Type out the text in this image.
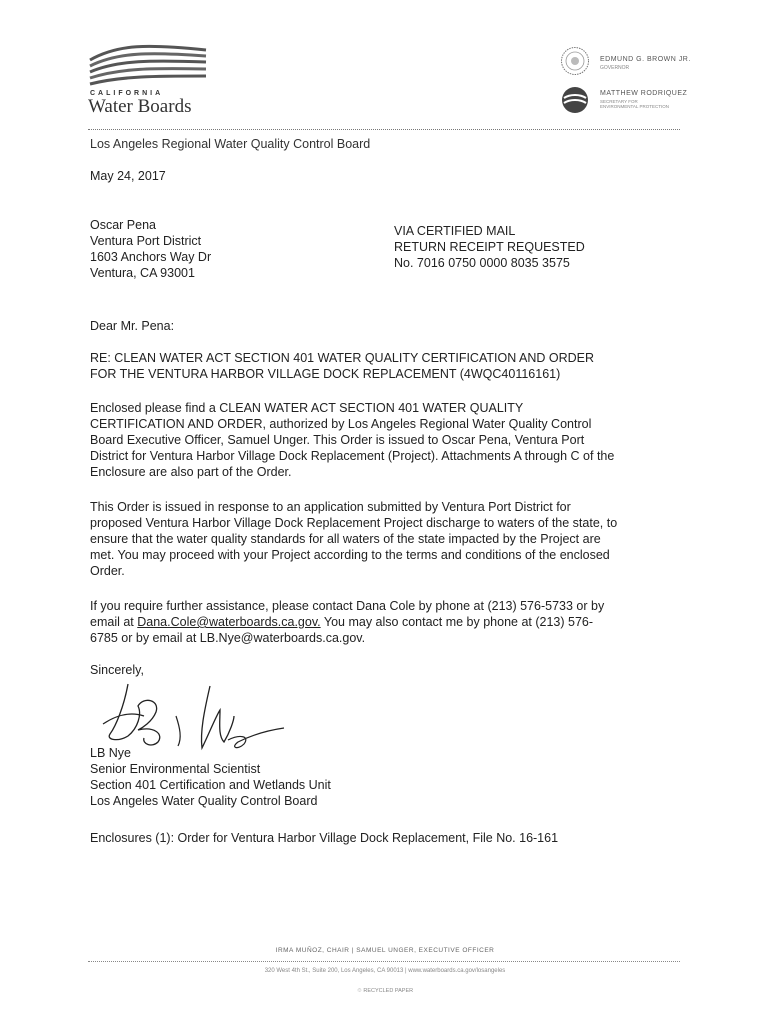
CALIFORNIA
Water Boards
EDMUND G. BROWN JR.
GOVERNOR
MATTHEW RODRIQUEZ
SECRETARY FOR
ENVIRONMENTAL PROTECTION
Los Angeles Regional Water Quality Control Board
May 24, 2017
Oscar Pena
Ventura Port District
1603 Anchors Way Dr
Ventura, CA 93001
VIA CERTIFIED MAIL
RETURN RECEIPT REQUESTED
No. 7016 0750 0000 8035 3575
Dear Mr. Pena:
RE: CLEAN WATER ACT SECTION 401 WATER QUALITY CERTIFICATION AND ORDER
FOR THE VENTURA HARBOR VILLAGE DOCK REPLACEMENT (4WQC40116161)
Enclosed please find a CLEAN WATER ACT SECTION 401 WATER QUALITY
CERTIFICATION AND ORDER, authorized by Los Angeles Regional Water Quality Control
Board Executive Officer, Samuel Unger. This Order is issued to Oscar Pena, Ventura Port
District for Ventura Harbor Village Dock Replacement (Project). Attachments A through C of the
Enclosure are also part of the Order.
This Order is issued in response to an application submitted by Ventura Port District for
proposed Ventura Harbor Village Dock Replacement Project discharge to waters of the state, to
ensure that the water quality standards for all waters of the state impacted by the Project are
met. You may proceed with your Project according to the terms and conditions of the enclosed
Order.
If you require further assistance, please contact Dana Cole by phone at (213) 576-5733 or by
email at Dana.Cole@waterboards.ca.gov. You may also contact me by phone at (213) 576-
6785 or by email at LB.Nye@waterboards.ca.gov.
Sincerely,
LB Nye
Senior Environmental Scientist
Section 401 Certification and Wetlands Unit
Los Angeles Water Quality Control Board
Enclosures (1): Order for Ventura Harbor Village Dock Replacement, File No. 16-161
IRMA MUÑOZ, CHAIR | SAMUEL UNGER, EXECUTIVE OFFICER
320 West 4th St., Suite 200, Los Angeles, CA 90013 | www.waterboards.ca.gov/losangeles
♲ RECYCLED PAPER
